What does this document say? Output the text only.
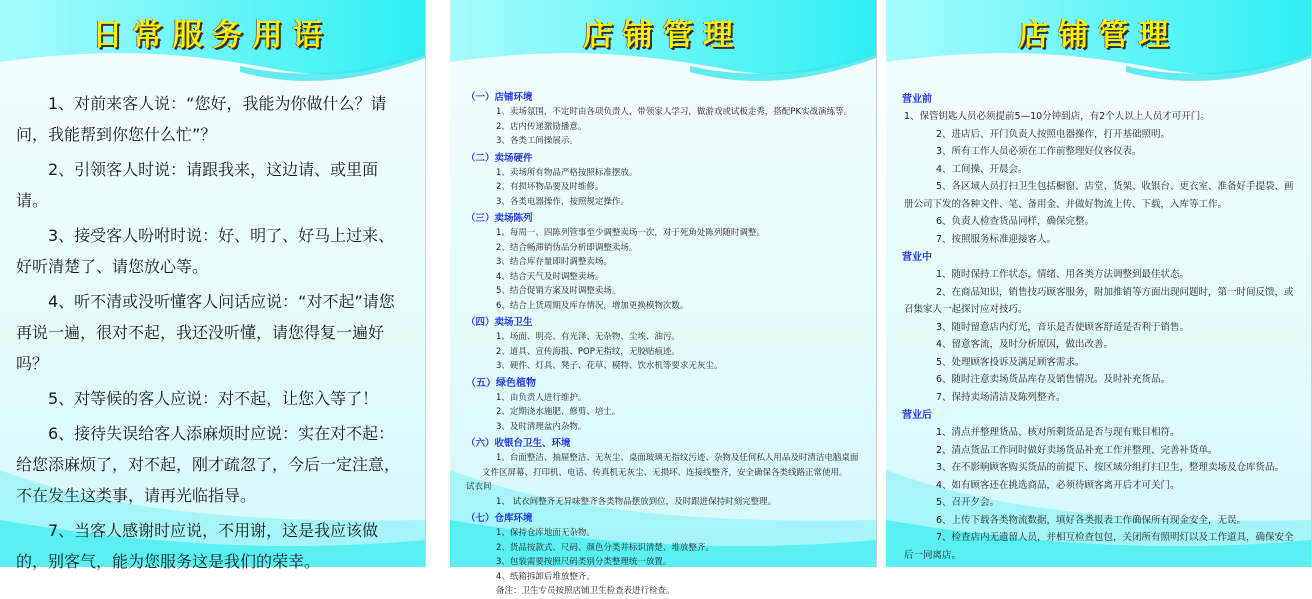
日常服务用语

1、对前来客人说：“您好，我能为你做什么？请问，我能帮到你您什么忙”？

2、引领客人时说：请跟我来，这边请、或里面请。

3、接受客人吩咐时说：好、明了、好马上过来、好听清楚了、请您放心等。

4、听不清或没听懂客人问话应说：“对不起”请您再说一遍，很对不起，我还没听懂，请您得复一遍好吗？

5、对等候的客人应说：对不起，让您入等了！

6、接待失误给客人添麻烦时应说：实在对不起：给您添麻烦了，对不起，刚才疏忽了，今后一定注意，不在发生这类事，请再光临指导。

7、当客人感谢时应说，不用谢，这是我应该做的，别客气，能为您服务这是我们的荣幸。

店铺管理
（一）店铺环境
1、卖场氛围，不定时由各项负责人，带领家人学习，做游戏或试板走秀，搭配PK实战演练等。
2、店内传递激励播意。
3、各类工间操展示。
（二）卖场硬件
1、卖场所有物品严格按照标准摆放。
2、有损坏物品要及时维修。
3、各类电器操作，按照规定操作。
（三）卖场陈列
1、每周一、四陈列管事至少调整卖场一次，对于死角处陈列随时调整。
2、结合畅滞销伪品分析即调整卖场。
3、结合库存量即时调整卖场。
4、结合天气及时调整卖场。
5、结合促销方案及时调整卖场。
6、结合上货周期及库存情况，增加更换模物次数。
（四）卖场卫生
1、场面、明亮、有光泽、无杂物、尘埃、油污。
2、道具、宣传海报、POP无指纹，无胶贴痕迹。
3、硬件、灯具、凳子、花草、模特、饮水机等要求无灰尘。
（五）绿色植物
1、由负责人进行维护。
2、定期浇水施肥、修剪、培土。
3、及时清理盆内杂物。
（六）收银台卫生、环境
1、台面整洁、抽屉整洁、无灰尘、桌面玻璃无指纹污迹、杂物及任何私人用品及时清洁电脑桌面文件区屏幕、打印机、电话、传真机无灰尘、无损坏、连接线整齐，安全确保各类线路正常使用。
试衣间
1、 试衣间整齐无异味整齐各类物品摆放到位，及时跟进保持时刻完整理。
（七）仓库环境
1、保持仓库地面无杂物。
2、货品按款式、尺码、颜色分类并标识清楚、堆放整齐。
3、包装需要按照尺码类别分类整理统一放置。
4、纸箱拆卸后堆放整齐。
备注：卫生专员按照店铺卫生检查表进行检查。
店铺管理
营业前
1、保管钥匙人员必须提前5—10分钟到店，有2个人以上人员才可开门。
2、进店后、开门负责人按照电器操作，打开基础照明。
3、所有工作人员必须在工作前整理好仪容仪表。
4、工间操、开晨会。
5、各区域人员打扫卫生包括橱窗、店堂、货架、收银台、更衣室、准备好手提袋、画册公司下发的各种文件、笔、备用金、并做好物流上传、下载，入库等工作。
6、负责人检查货品同样，确保完整。
7、按照服务标准迎接客人。
营业中
1、随时保持工作状态，情绪、用各类方法调整到最佳状态。
2、在商品知识，销售技巧顾客服务，附加推销等方面出现问题时，第一时间反馈，或召集家人一起探讨应对技巧。
3、随时留意店内灯光，音乐是否使顾客舒适是否利于销售。
4、留意客流，及时分析原因，做出改善。
5、处理顾客投诉及满足顾客需求。
6、随时注意卖场货品库存及销售情况。及时补充货品。
7、保持卖场清洁及陈列整齐。
营业后
1、清点并整理货品、核对所剩货品是否与现有账目相符。
2、清点货品工作同时做好卖场货品补充工作并整理、完善补货单。
3、在不影响顾客购买货品的前提下、按区域分组打扫卫生，整理卖场及仓库货品。
4、如有顾客还在挑选商品，必须待顾客离开后才可关门。
5、召开夕会。
6、上传下载各类物流数据，填好各类报表工作确保所有现金安全，无误。
7、检查店内无遗留人员，并相互检查包包，关闭所有照明灯以及工作道具，确保安全后一同离店。
